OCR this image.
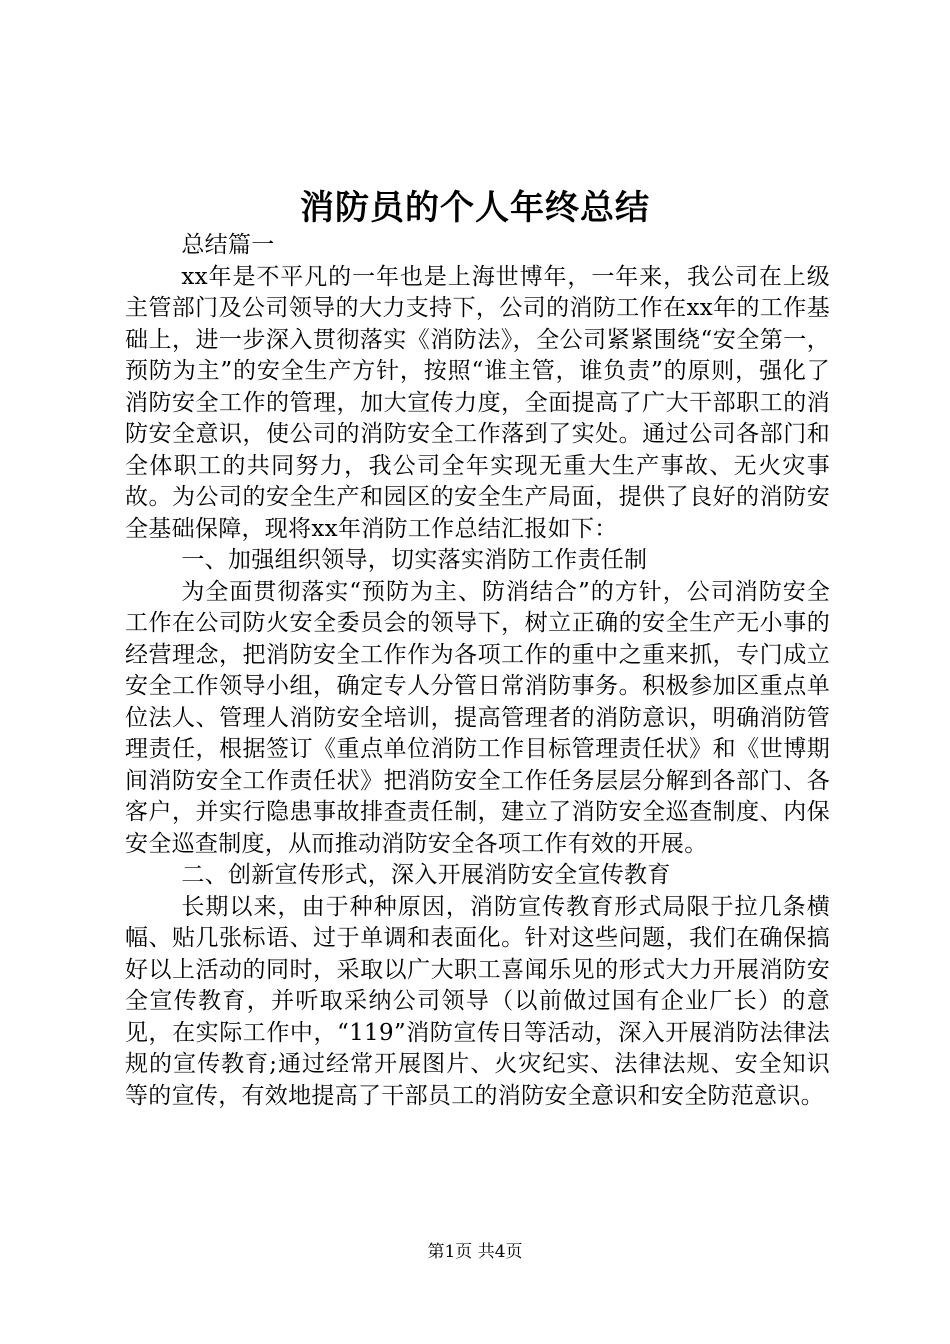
消防员的个人年终总结

总结篇一

xx年是不平凡的一年也是上海世博年，一年来，我公司在上级主管部门及公司领导的大力支持下，公司的消防工作在xx年的工作基础上，进一步深入贯彻落实《消防法》，全公司紧紧围绕“安全第一，预防为主”的安全生产方针，按照“谁主管，谁负责”的原则，强化了消防安全工作的管理，加大宣传力度，全面提高了广大干部职工的消防安全意识，使公司的消防安全工作落到了实处。通过公司各部门和全体职工的共同努力，我公司全年实现无重大生产事故、无火灾事故。为公司的安全生产和园区的安全生产局面，提供了良好的消防安全基础保障，现将xx年消防工作总结汇报如下：

一、加强组织领导，切实落实消防工作责任制

为全面贯彻落实“预防为主、防消结合”的方针，公司消防安全工作在公司防火安全委员会的领导下，树立正确的安全生产无小事的经营理念，把消防安全工作作为各项工作的重中之重来抓，专门成立安全工作领导小组，确定专人分管日常消防事务。积极参加区重点单位法人、管理人消防安全培训，提高管理者的消防意识，明确消防管理责任，根据签订《重点单位消防工作目标管理责任状》和《世博期间消防安全工作责任状》把消防安全工作任务层层分解到各部门、各客户，并实行隐患事故排查责任制，建立了消防安全巡查制度、内保安全巡查制度，从而推动消防安全各项工作有效的开展。

二、创新宣传形式，深入开展消防安全宣传教育

长期以来，由于种种原因，消防宣传教育形式局限于拉几条横幅、贴几张标语、过于单调和表面化。针对这些问题，我们在确保搞好以上活动的同时，采取以广大职工喜闻乐见的形式大力开展消防安全宣传教育，并听取采纳公司领导（以前做过国有企业厂长）的意见，在实际工作中，“119”消防宣传日等活动，深入开展消防法律法规的宣传教育;通过经常开展图片、火灾纪实、法律法规、安全知识等的宣传，有效地提高了干部员工的消防安全意识和安全防范意识。

第1页 共4页
